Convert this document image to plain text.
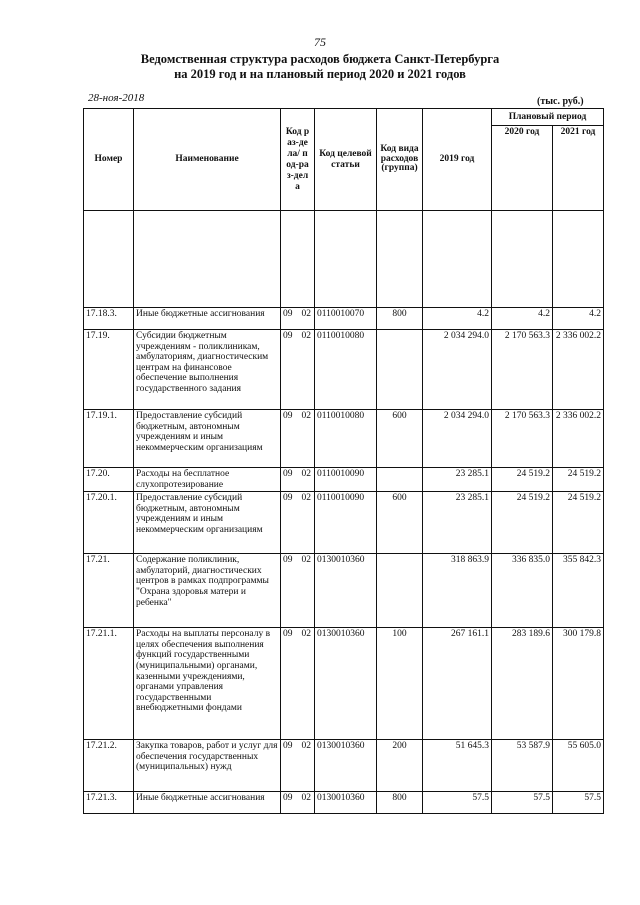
75
Ведомственная структура расходов бюджета Санкт-Петербурга
на 2019 год и на плановый период 2020 и 2021 годов
28-ноя-2018	(тыс. руб.)
Номер	Наименование	Код раз-дела/ под-раз-дела	Код целевой статьи	Код вида расходов (группа)	2019 год	Плановый период	
						2020 год	2021 год

17.18.3.	Иные бюджетные ассигнования	09 02	0110010070	800	4.2	4.2	4.2
17.19.	Субсидии бюджетным учреждениям - поликлиникам, амбулаториям, диагностическим центрам на финансовое обеспечение выполнения государственного задания	09 02	0110010080		2 034 294.0	2 170 563.3	2 336 002.2
17.19.1.	Предоставление субсидий бюджетным, автономным учреждениям и иным некоммерческим организациям	09 02	0110010080	600	2 034 294.0	2 170 563.3	2 336 002.2
17.20.	Расходы на бесплатное слухопротезирование	09 02	0110010090		23 285.1	24 519.2	24 519.2
17.20.1.	Предоставление субсидий бюджетным, автономным учреждениям и иным некоммерческим организациям	09 02	0110010090	600	23 285.1	24 519.2	24 519.2
17.21.	Содержание поликлиник, амбулаторий, диагностических центров в рамках подпрограммы "Охрана здоровья матери и ребенка"	09 02	0130010360		318 863.9	336 835.0	355 842.3
17.21.1.	Расходы на выплаты персоналу в целях обеспечения выполнения функций государственными (муниципальными) органами, казенными учреждениями, органами управления государственными внебюджетными фондами	09 02	0130010360	100	267 161.1	283 189.6	300 179.8
17.21.2.	Закупка товаров, работ и услуг для обеспечения государственных (муниципальных) нужд	09 02	0130010360	200	51 645.3	53 587.9	55 605.0
17.21.3.	Иные бюджетные ассигнования	09 02	0130010360	800	57.5	57.5	57.5
